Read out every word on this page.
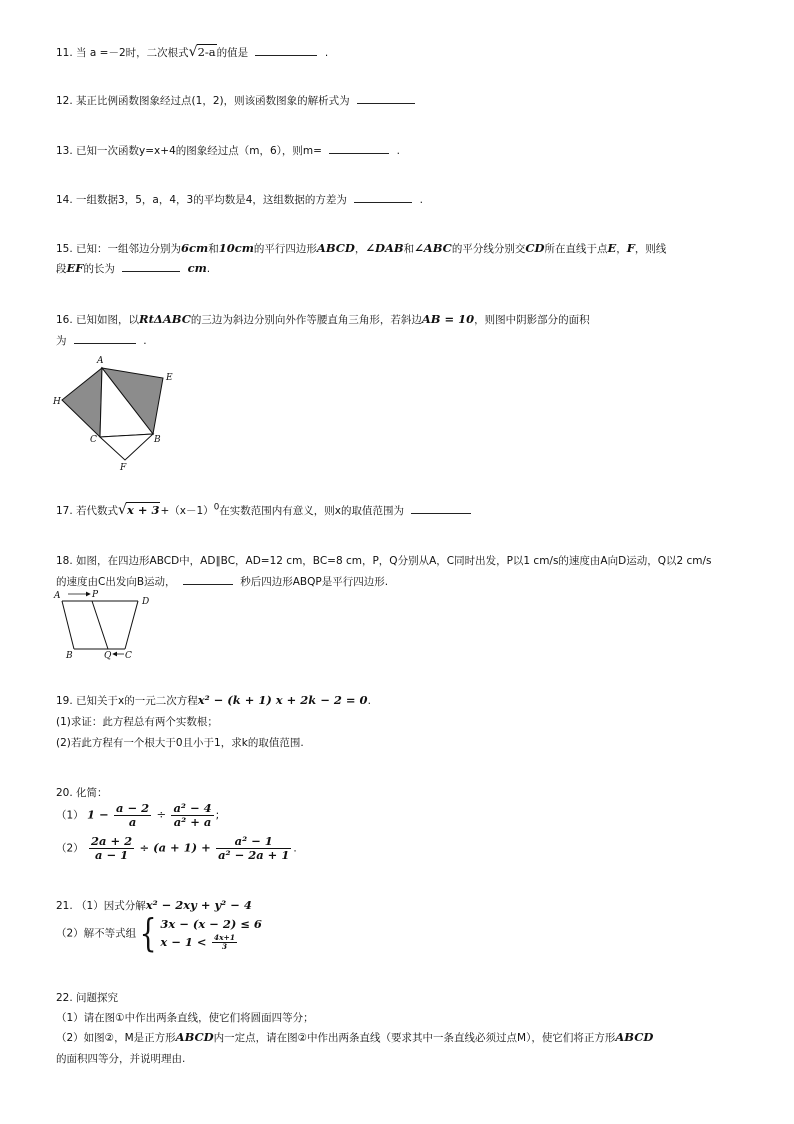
11. 当 a =－2时，二次根式√2-a的值是	.
12. 某正比例函数图象经过点(1，2)，则该函数图象的解析式为
13. 已知一次函数y=x+4的图象经过点（m，6），则m=	.
14. 一组数据3，5，a，4，3的平均数是4，这组数据的方差为	.
15. 已知：一组邻边分别为6cm和10cm的平行四边形ABCD，∠DAB和∠ABC的平分线分别交CD所在直线于点E，F，则线
段EF的长为	cm.
16. 已知如图，以RtΔABC的三边为斜边分别向外作等腰直角三角形，若斜边AB = 10，则图中阴影部分的面积
为	.
A
E
H
C	B
F
17. 若代数式$√x + 3+(x-1)^0$在实数范围内有意义，则x的取值范围为
18. 如图，在四边形ABCD中，AD∥BC，AD=12 cm，BC=8 cm，P，Q分别从A，C同时出发，P以1 cm/s的速度由A向D运动，Q以2 cm/s
的速度由C出发向B运动，	秒后四边形ABQP是平行四边形.
A	P
D
B	Q C
19. 已知关于x的一元二次方程x² − (k + 1) x + 2k − 2 = 0.
(1)求证：此方程总有两个实数根；
(2)若此方程有一个根大于0且小于1，求k的取值范围.
20. 化简：
（1） $1 - \frac{a - 2}{a} \div \frac{\text{a² − 4}}{\text{a² + a}}$ ;
$(2) \frac{2a + 2}{a - 1} \div (a + 1) + \frac{\text{a² − 1}}{\text{a² − 2a + 1}}$ .
21. （1）因式分解x² − 2xy + y² − 4
（2）解不等式组{ 3x − (x − 2) ≤ 6
$x - 1 < \frac{4x+1}{3}$
22. 问题探究
（1）请在图①中作出两条直线，使它们将圆面四等分；
（2）如图②，M是正方形ABCD内一定点，请在图②中作出两条直线（要求其中一条直线必须过点M），使它们将正方形ABCD
的面积四等分，并说明理由.
